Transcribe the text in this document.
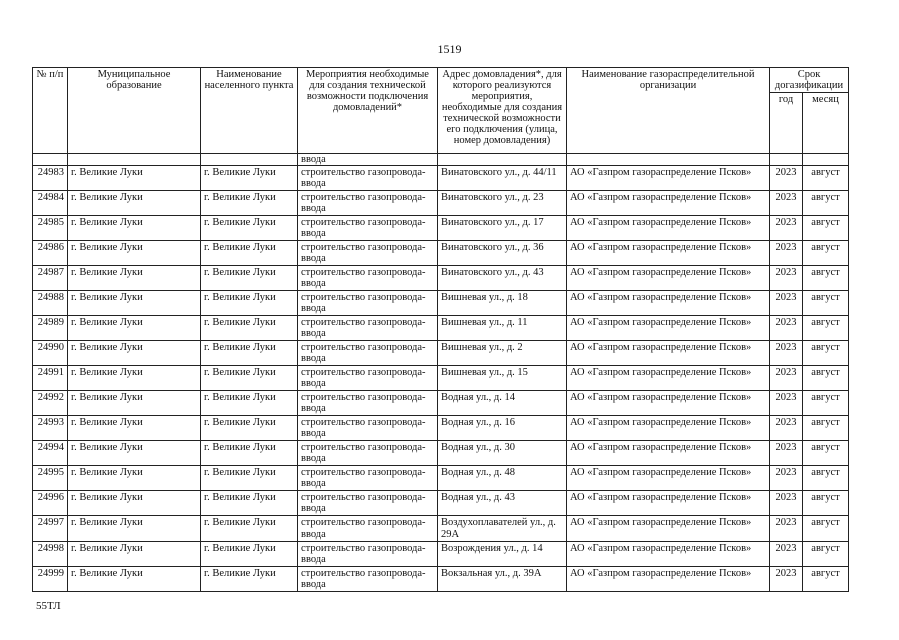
1519
№ п/п	Муниципальное образование	Наименование населенного пункта	Мероприятия необходимые для создания технической возможности подключения домовладений*	Адрес домовладения*, для которого реализуются мероприятия, необходимые для создания технической возможности его подключения (улица, номер домовладения)	Наименование газораспределительной организации	Срок догазификации	
						год	месяц
			ввода				
24983	г. Великие Луки	г. Великие Луки	строительство газопровода-ввода	Винатовского ул., д. 44/11	АО «Газпром газораспределение Псков»	2023	август
24984	г. Великие Луки	г. Великие Луки	строительство газопровода-ввода	Винатовского ул., д. 23	АО «Газпром газораспределение Псков»	2023	август
24985	г. Великие Луки	г. Великие Луки	строительство газопровода-ввода	Винатовского ул., д. 17	АО «Газпром газораспределение Псков»	2023	август
24986	г. Великие Луки	г. Великие Луки	строительство газопровода-ввода	Винатовского ул., д. 36	АО «Газпром газораспределение Псков»	2023	август
24987	г. Великие Луки	г. Великие Луки	строительство газопровода-ввода	Винатовского ул., д. 43	АО «Газпром газораспределение Псков»	2023	август
24988	г. Великие Луки	г. Великие Луки	строительство газопровода-ввода	Вишневая ул., д. 18	АО «Газпром газораспределение Псков»	2023	август
24989	г. Великие Луки	г. Великие Луки	строительство газопровода-ввода	Вишневая ул., д. 11	АО «Газпром газораспределение Псков»	2023	август
24990	г. Великие Луки	г. Великие Луки	строительство газопровода-ввода	Вишневая ул., д. 2	АО «Газпром газораспределение Псков»	2023	август
24991	г. Великие Луки	г. Великие Луки	строительство газопровода-ввода	Вишневая ул., д. 15	АО «Газпром газораспределение Псков»	2023	август
24992	г. Великие Луки	г. Великие Луки	строительство газопровода-ввода	Водная ул., д. 14	АО «Газпром газораспределение Псков»	2023	август
24993	г. Великие Луки	г. Великие Луки	строительство газопровода-ввода	Водная ул., д. 16	АО «Газпром газораспределение Псков»	2023	август
24994	г. Великие Луки	г. Великие Луки	строительство газопровода-ввода	Водная ул., д. 30	АО «Газпром газораспределение Псков»	2023	август
24995	г. Великие Луки	г. Великие Луки	строительство газопровода-ввода	Водная ул., д. 48	АО «Газпром газораспределение Псков»	2023	август
24996	г. Великие Луки	г. Великие Луки	строительство газопровода-ввода	Водная ул., д. 43	АО «Газпром газораспределение Псков»	2023	август
24997	г. Великие Луки	г. Великие Луки	строительство газопровода-ввода	Воздухоплавателей ул., д. 29А	АО «Газпром газораспределение Псков»	2023	август
24998	г. Великие Луки	г. Великие Луки	строительство газопровода-ввода	Возрождения ул., д. 14	АО «Газпром газораспределение Псков»	2023	август
24999	г. Великие Луки	г. Великие Луки	строительство газопровода-ввода	Вокзальная ул., д. 39А	АО «Газпром газораспределение Псков»	2023	август
55ТЛ
